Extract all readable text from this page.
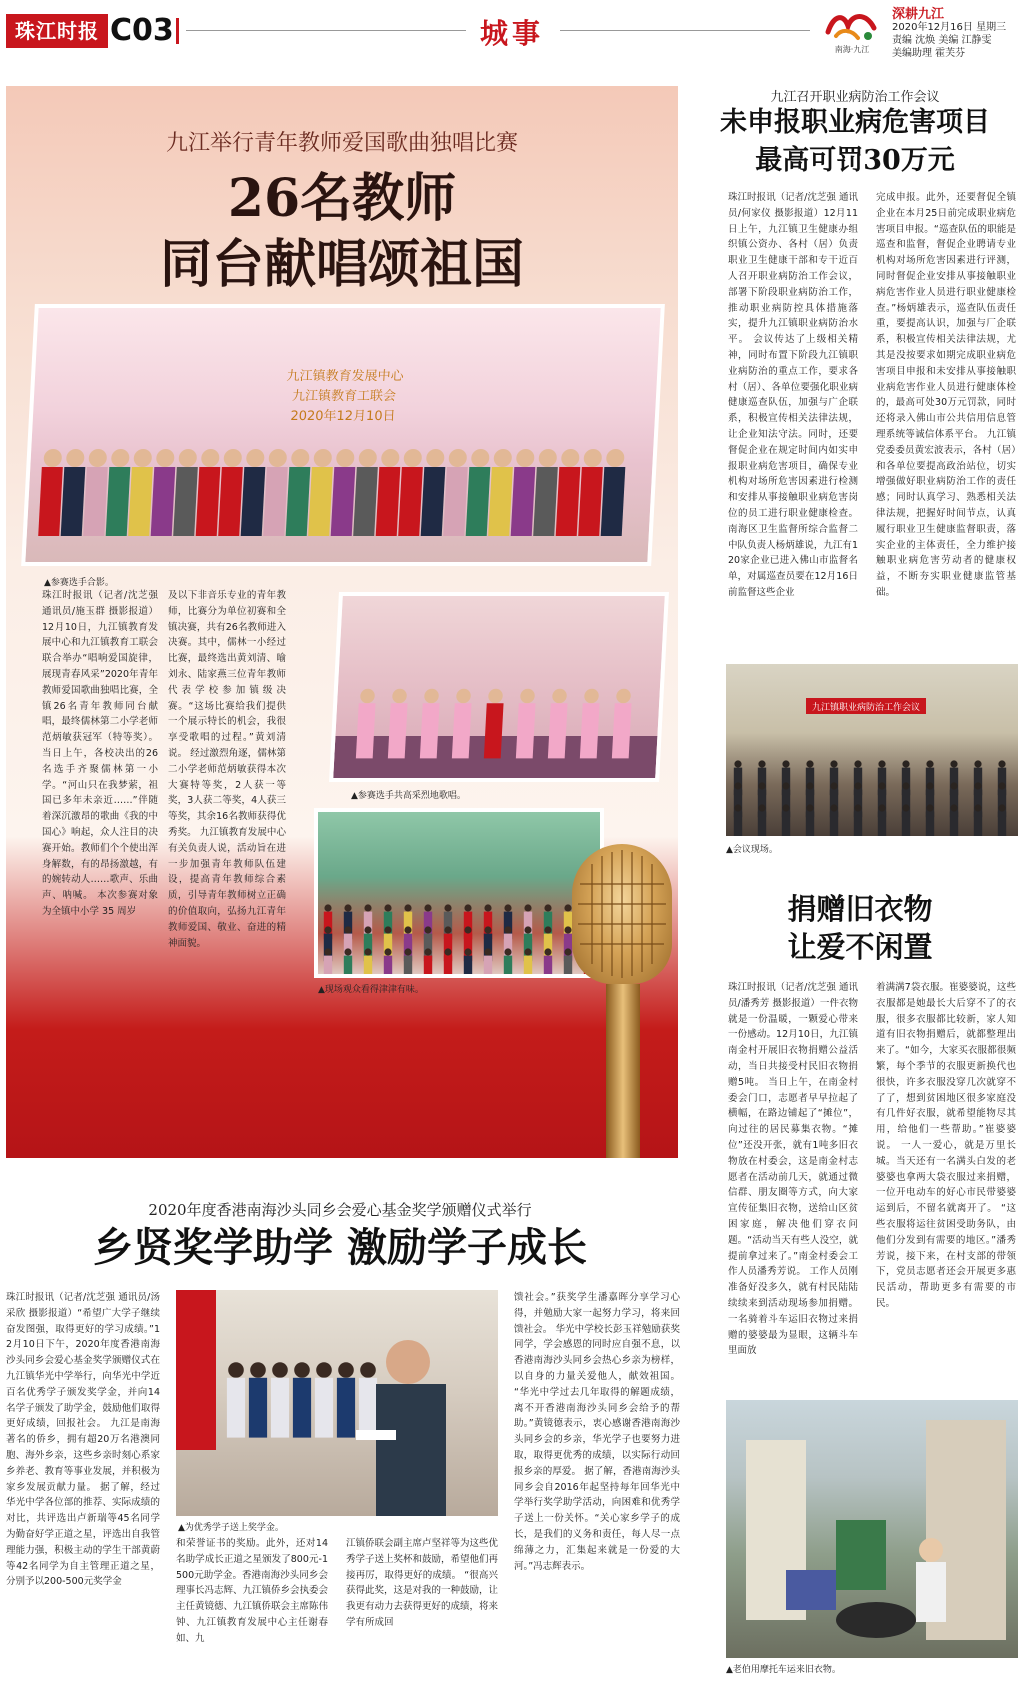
珠江时报 C03	城事	南海·九江
深耕九江
2020年12月16日 星期三
责编 沈焕 美编 江静雯
美编助理 霍芙芬
九江举行青年教师爱国歌曲独唱比赛
26名教师
同台献唱颂祖国
九江镇教育发展中心
九江镇教育工联会
2020年12月10日
▲参赛选手合影。
珠江时报讯（记者/沈芝强 通讯员/施玉群 摄影报道）12月10日，九江镇教育发展中心和九江镇教育工联会联合举办“唱响爱国旋律，展现青春风采”2020年青年教师爱国歌曲独唱比赛，全镇26名青年教师同台献唱，最终儒林第二小学老师范炳敏获冠军（特等奖）。 当日上午，各校决出的26名选手齐聚儒林第一小学。“河山只在我梦萦，祖国已多年未亲近……”伴随着深沉激昂的歌曲《我的中国心》响起，众人注目的决赛开始。教师们个个使出浑身解数，有的昂扬激越，有的婉转动人……歌声、乐曲声、呐喊。 本次参赛对象为全镇中小学 35 周岁
及以下非音乐专业的青年教师，比赛分为单位初赛和全镇决赛，共有26名教师进入决赛。其中，儒林一小经过比赛，最终选出黄刘清、喻刘永、陆家燕三位青年教师代表学校参加镇级决赛。“这场比赛给我们提供一个展示特长的机会，我很享受歌唱的过程。”黄刘清说。 经过激烈角逐，儒林第二小学老师范炳敏获得本次大赛特等奖，2人获一等奖，3人获二等奖，4人获三等奖，其余16名教师获得优秀奖。 九江镇教育发展中心有关负责人说，活动旨在进一步加强青年教师队伍建设，提高青年教师综合素质，引导青年教师树立正确的价值取向，弘扬九江青年教师爱国、敬业、奋进的精神面貌。
▲参赛选手共高采烈地歌唱。
▲现场观众看得津津有味。
九江召开职业病防治工作会议
未申报职业病危害项目
最高可罚30万元
珠江时报讯（记者/沈芝强 通讯员/何家仪 摄影报道）12月11日上午，九江镇卫生健康办组织镇公资办、各村（居）负责职业卫生健康干部和专干近百人召开职业病防治工作会议，部署下阶段职业病防治工作，推动职业病防控具体措施落实，提升九江镇职业病防治水平。 会议传达了上级相关精神，同时布置下阶段九江镇职业病防治的重点工作，要求各村（居）、各单位要强化职业病健康巡查队伍，加强与广企联系，积极宣传相关法律法规，让企业知法守法。同时，还要督促企业在规定时间内如实申报职业病危害项目，确保专业机构对场所危害因素进行检测和安排从事接触职业病危害岗位的员工进行职业健康检查。 南海区卫生监督所综合监督二中队负责人杨炳雄说，九江有120家企业已进入佛山市监督名单，对属巡查员要在12月16日前监督这些企业
完成申报。此外，还要督促全镇企业在本月25日前完成职业病危害项目申报。“巡查队伍的职能是巡查和监督，督促企业聘请专业机构对场所危害因素进行评测，同时督促企业安排从事接触职业病危害作业人员进行职业健康检查。”杨炳雄表示，巡查队伍责任重，要提高认识，加强与厂企联系，积极宣传相关法律法规，尤其是没按要求如期完成职业病危害项目申报和未安排从事接触职业病危害作业人员进行健康体检的，最高可处30万元罚款，同时还将录入佛山市公共信用信息管理系统等诚信体系平台。 九江镇党委委员黄宏波表示，各村（居）和各单位要提高政治站位，切实增强做好职业病防治工作的责任感；同时认真学习、熟悉相关法律法规，把握好时间节点，认真履行职业卫生健康监督职责，落实企业的主体责任，全力维护接触职业病危害劳动者的健康权益，不断夯实职业健康监管基础。
九江镇职业病防治工作会议
▲会议现场。
捐赠旧衣物
让爱不闲置
珠江时报讯（记者/沈芝强 通讯员/潘秀芳 摄影报道）一件衣物就是一份温暖，一颗爱心带来一份感动。12月10日，九江镇南金村开展旧衣物捐赠公益活动，当日共接受村民旧衣物捐赠5吨。 当日上午，在南金村委会门口，志愿者早早拉起了横幅，在路边铺起了“摊位”，向过往的居民募集衣物。“摊位”还没开张，就有1吨多旧衣物放在村委会，这是南金村志愿者在活动前几天，就通过微信群、朋友圈等方式，向大家宣传征集旧衣物，送给山区贫困家庭，解决他们穿衣问题。“活动当天有些人没空，就提前拿过来了。”南金村委会工作人员潘秀芳说。 工作人员刚准备好没多久，就有村民陆陆续续来到活动现场参加捐赠。一名骑着斗车运旧衣物过来捐赠的婆婆最为显眼，这辆斗车里面放
着满满7袋衣服。崔婆婆说，这些衣服都是她最长大后穿不了的衣服，很多衣服都比较新，家人知道有旧衣物捐赠后，就都整理出来了。“如今，大家买衣服都很频繁，每个季节的衣服更新换代也很快，许多衣服没穿几次就穿不了了，想到贫困地区很多家庭没有几件好衣服，就希望能物尽其用，给他们一些帮助。”崔婆婆说。 一人一爱心，就是万里长城。当天还有一名满头白发的老婆婆也拿两大袋衣服过来捐赠，一位开电动车的好心市民带婆婆运到后，不留名就离开了。 “这些衣服将运往贫困受助务队，由他们分发到有需要的地区。”潘秀芳说，接下来，在村支部的带领下，党员志愿者还会开展更多惠民活动，帮助更多有需要的市民。
▲老伯用摩托车运来旧衣物。
2020年度香港南海沙头同乡会爱心基金奖学颁赠仪式举行
乡贤奖学助学 激励学子成长
珠江时报讯（记者/沈芝强 通讯员/汤采欣 摄影报道）“希望广大学子继续奋发图强，取得更好的学习成绩。”12月10日下午，2020年度香港南海沙头同乡会爱心基金奖学颁赠仪式在九江镇华光中学举行，向华光中学近百名优秀学子颁发奖学金，并向14名学子颁发了助学金，鼓励他们取得更好成绩，回报社会。 九江是南海著名的侨乡，拥有超20万名港澳同胞、海外乡亲，这些乡亲时刻心系家乡养老、教育等事业发展，并积极为家乡发展贡献力量。 据了解，经过华光中学各位部的推荐、实际成绩的对比，共评选出卢新瑞等45名同学为勤奋好学正道之星，评选出自我管理能力强，积极主动的学生干部黄蔚等42名同学为自主管理正道之星，分别予以200-500元奖学金
▲为优秀学子送上奖学金。
和荣誉证书的奖励。此外，还对14名助学成长正道之星颁发了800元-1500元助学金。香港南海沙头同乡会理事长冯志辉、九江镇侨乡会执委会主任黄镜德、九江镇侨联会主席陈伟钟、九江镇教育发展中心主任谢春如、九
江镇侨联会副主席卢坚祥等为这些优秀学子送上奖杯和鼓励，希望他们再接再厉，取得更好的成绩。 “很高兴获得此奖，这是对我的一种鼓励，让我更有动力去获得更好的成绩，将来学有所成回
馈社会。”获奖学生潘嘉晖分享学习心得，并勉励大家一起努力学习，将来回馈社会。 华光中学校长彭玉祥勉励获奖同学，学会感恩的同时应自强不息，以香港南海沙头同乡会热心乡亲为榜样，以自身的力量关爱他人，献效祖国。 “华光中学过去几年取得的解题成绩，离不开香港南海沙头同乡会给予的帮助。”黄镜德表示，衷心感谢香港南海沙头同乡会的乡亲，华光学子也要努力进取，取得更优秀的成绩，以实际行动回报乡亲的厚爱。 据了解，香港南海沙头同乡会自2016年起坚持每年回华光中学举行奖学助学活动，向困难和优秀学子送上一份关怀。“关心家乡学子的成长，是我们的义务和责任，每人尽一点绵薄之力，汇集起来就是一份爱的大河。”冯志辉表示。
